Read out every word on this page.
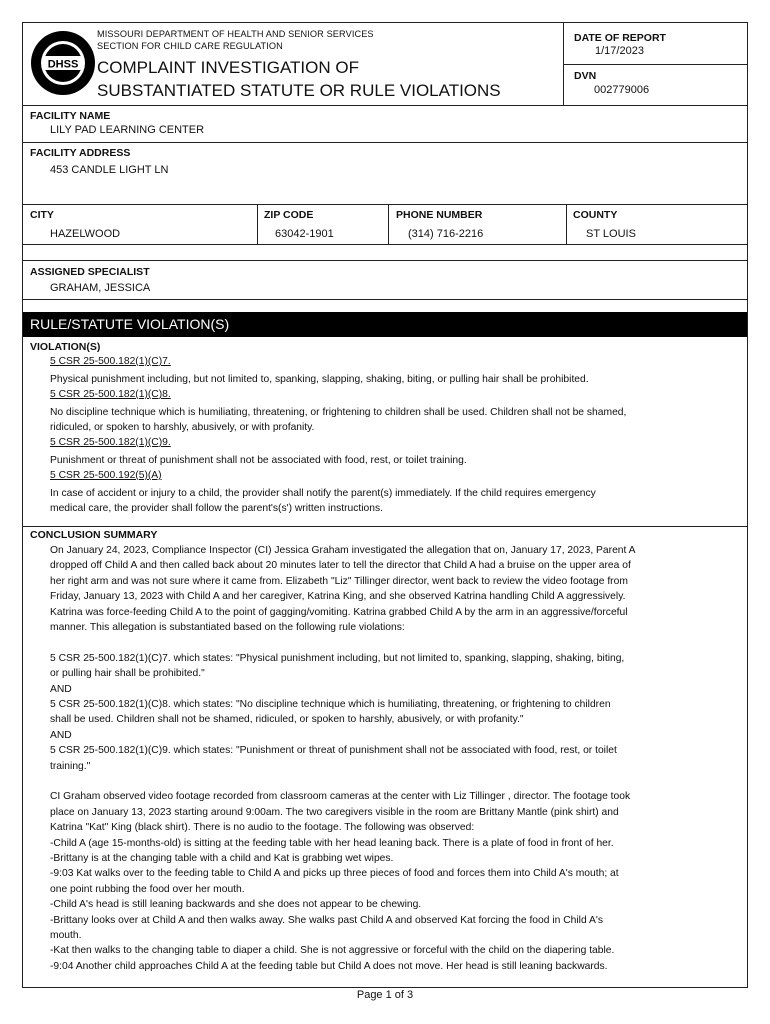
DHSS
MISSOURI DEPARTMENT OF HEALTH AND SENIOR SERVICES
SECTION FOR CHILD CARE REGULATION
COMPLAINT INVESTIGATION OF
SUBSTANTIATED STATUTE OR RULE VIOLATIONS
DATE OF REPORT
1/17/2023
DVN
002779006
FACILITY NAME
LILY PAD LEARNING CENTER
FACILITY ADDRESS
453 CANDLE LIGHT LN
CITY
HAZELWOOD
ZIP CODE
63042-1901
PHONE NUMBER
(314) 716-2216
COUNTY
ST LOUIS
ASSIGNED SPECIALIST
GRAHAM, JESSICA
RULE/STATUTE VIOLATION(S)
VIOLATION(S)
5 CSR 25-500.182(1)(C)7.
Physical punishment including, but not limited to, spanking, slapping, shaking, biting, or pulling hair shall be prohibited.
5 CSR 25-500.182(1)(C)8.
No discipline technique which is humiliating, threatening, or frightening to children shall be used. Children shall not be shamed,
ridiculed, or spoken to harshly, abusively, or with profanity.
5 CSR 25-500.182(1)(C)9.
Punishment or threat of punishment shall not be associated with food, rest, or toilet training.
5 CSR 25-500.192(5)(A)
In case of accident or injury to a child, the provider shall notify the parent(s) immediately. If the child requires emergency
medical care, the provider shall follow the parent's(s') written instructions.
CONCLUSION SUMMARY
On January 24, 2023, Compliance Inspector (CI) Jessica Graham investigated the allegation that on, January 17, 2023, Parent A
dropped off Child A and then called back about 20 minutes later to tell the director that Child A had a bruise on the upper area of
her right arm and was not sure where it came from. Elizabeth "Liz" Tillinger director, went back to review the video footage from
Friday, January 13, 2023 with Child A and her caregiver, Katrina King, and she observed Katrina handling Child A aggressively.
Katrina was force-feeding Child A to the point of gagging/vomiting. Katrina grabbed Child A by the arm in an aggressive/forceful
manner. This allegation is substantiated based on the following rule violations:
5 CSR 25-500.182(1)(C)7. which states: "Physical punishment including, but not limited to, spanking, slapping, shaking, biting,
or pulling hair shall be prohibited."
AND
5 CSR 25-500.182(1)(C)8. which states: "No discipline technique which is humiliating, threatening, or frightening to children
shall be used. Children shall not be shamed, ridiculed, or spoken to harshly, abusively, or with profanity."
AND
5 CSR 25-500.182(1)(C)9. which states: "Punishment or threat of punishment shall not be associated with food, rest, or toilet
training."
CI Graham observed video footage recorded from classroom cameras at the center with Liz Tillinger , director. The footage took
place on January 13, 2023 starting around 9:00am. The two caregivers visible in the room are Brittany Mantle (pink shirt) and
Katrina "Kat" King (black shirt). There is no audio to the footage. The following was observed:
-Child A (age 15-months-old) is sitting at the feeding table with her head leaning back. There is a plate of food in front of her.
-Brittany is at the changing table with a child and Kat is grabbing wet wipes.
-9:03 Kat walks over to the feeding table to Child A and picks up three pieces of food and forces them into Child A's mouth; at
one point rubbing the food over her mouth.
-Child A's head is still leaning backwards and she does not appear to be chewing.
-Brittany looks over at Child A and then walks away. She walks past Child A and observed Kat forcing the food in Child A's
mouth.
-Kat then walks to the changing table to diaper a child. She is not aggressive or forceful with the child on the diapering table.
-9:04 Another child approaches Child A at the feeding table but Child A does not move. Her head is still leaning backwards.
Page 1 of 3
